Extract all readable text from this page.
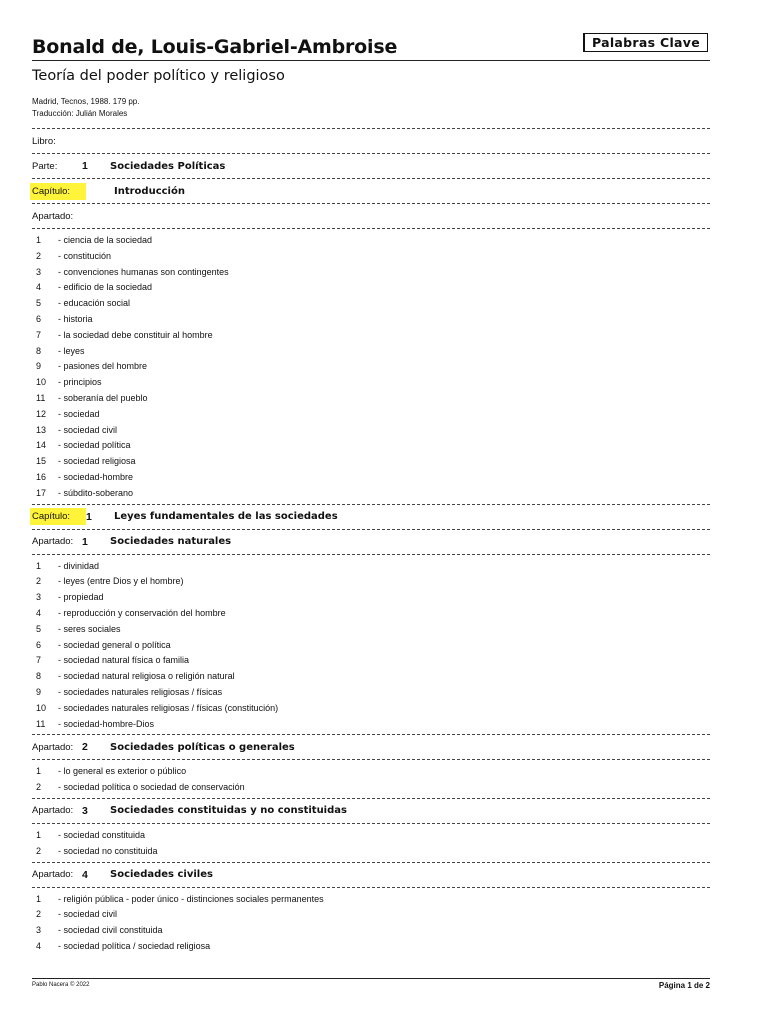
Bonald de, Louis-Gabriel-Ambroise	Palabras Clave
Teoría del poder político y religioso
Madrid, Tecnos, 1988. 179 pp.
Traducción: Julián Morales
Libro:
Parte:	1	Sociedades Políticas
Capítulo:	Introducción
Apartado:
1	- ciencia de la sociedad
2	- constitución
3	- convenciones humanas son contingentes
4	- edificio de la sociedad
5	- educación social
6	- historia
7	- la sociedad debe constituir al hombre
8	- leyes
9	- pasiones del hombre
10	- principios
11	- soberanía del pueblo
12	- sociedad
13	- sociedad civil
14	- sociedad política
15	- sociedad religiosa
16	- sociedad-hombre
17	- súbdito-soberano
Capítulo:	1	Leyes fundamentales de las sociedades
Apartado: 1	Sociedades naturales
1	- divinidad
2	- leyes (entre Dios y el hombre)
3	- propiedad
4	- reproducción y conservación del hombre
5	- seres sociales
6	- sociedad general o política
7	- sociedad natural física o familia
8	- sociedad natural religiosa o religión natural
9	- sociedades naturales religiosas / físicas
10	- sociedades naturales religiosas / físicas (constitución)
11	- sociedad-hombre-Dios
Apartado: 2	Sociedades políticas o generales
1	- lo general es exterior o público
2	- sociedad política o sociedad de conservación
Apartado: 3	Sociedades constituidas y no constituidas
1	- sociedad constituida
2	- sociedad no constituida
Apartado: 4	Sociedades civiles
1	- religión pública - poder único - distinciones sociales permanentes
2	- sociedad civil
3	- sociedad civil constituida
4	- sociedad política / sociedad religiosa
Pablo Nacera © 2022	Página 1 de 2
